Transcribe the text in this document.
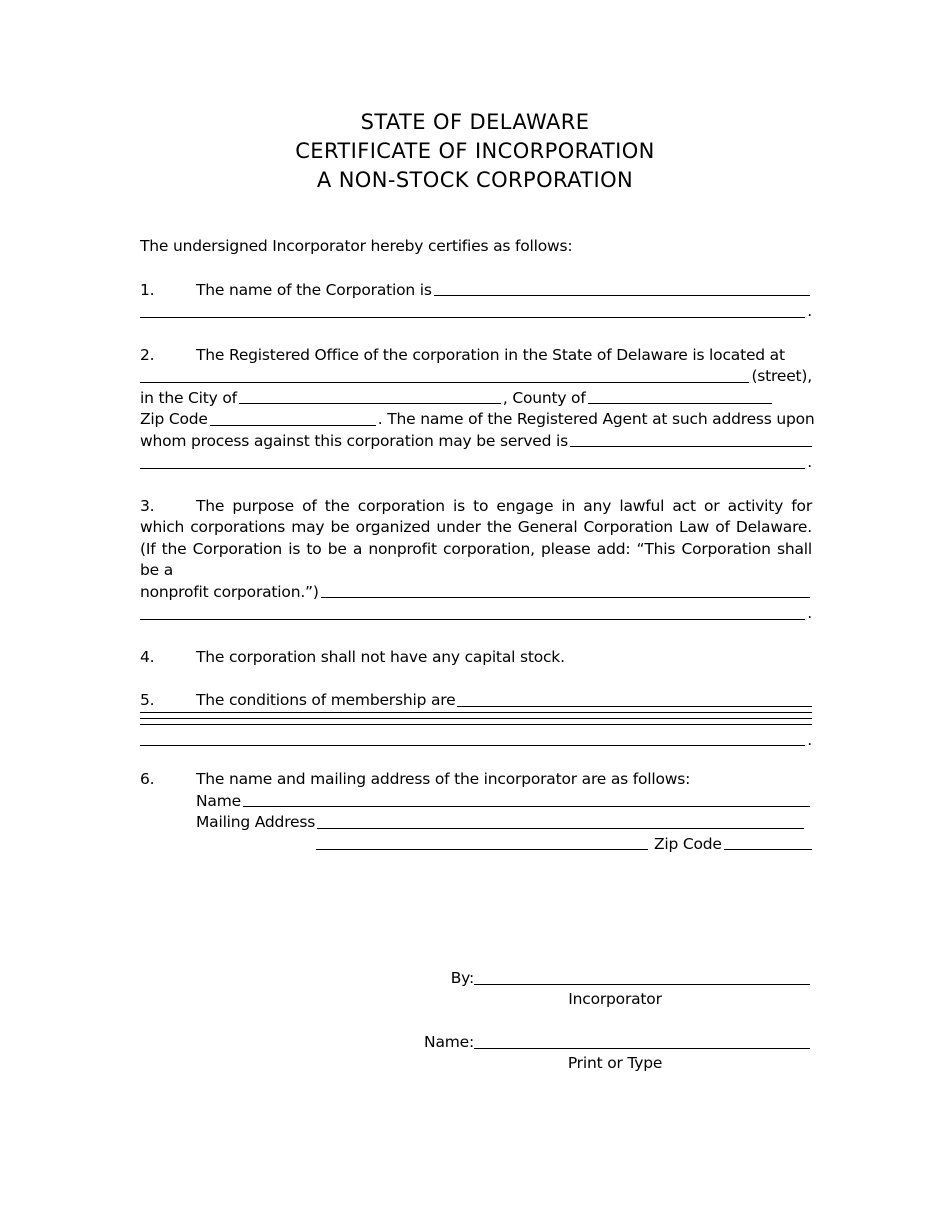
STATE OF DELAWARE
CERTIFICATE OF INCORPORATION
A NON-STOCK CORPORATION

The undersigned Incorporator hereby certifies as follows:

1.	The name of the Corporation is
.
2.	The Registered Office of the corporation in the State of Delaware is located at
(street),
in the City of	, County of
Zip Code	. The name of the Registered Agent at such address upon
whom process against this corporation may be served is
.

3.	The purpose of the corporation is to engage in any lawful act or activity for which corporations may be organized under the General Corporation Law of Delaware. (If the Corporation is to be a nonprofit corporation, please add: “This Corporation shall be a

nonprofit corporation.”)
.
4.	The corporation shall not have any capital stock.
5.	The conditions of membership are
.
6.	The name and mailing address of the incorporator are as follows:
Name
Mailing Address
Zip Code
By:
Incorporator
Name:
Print or Type
